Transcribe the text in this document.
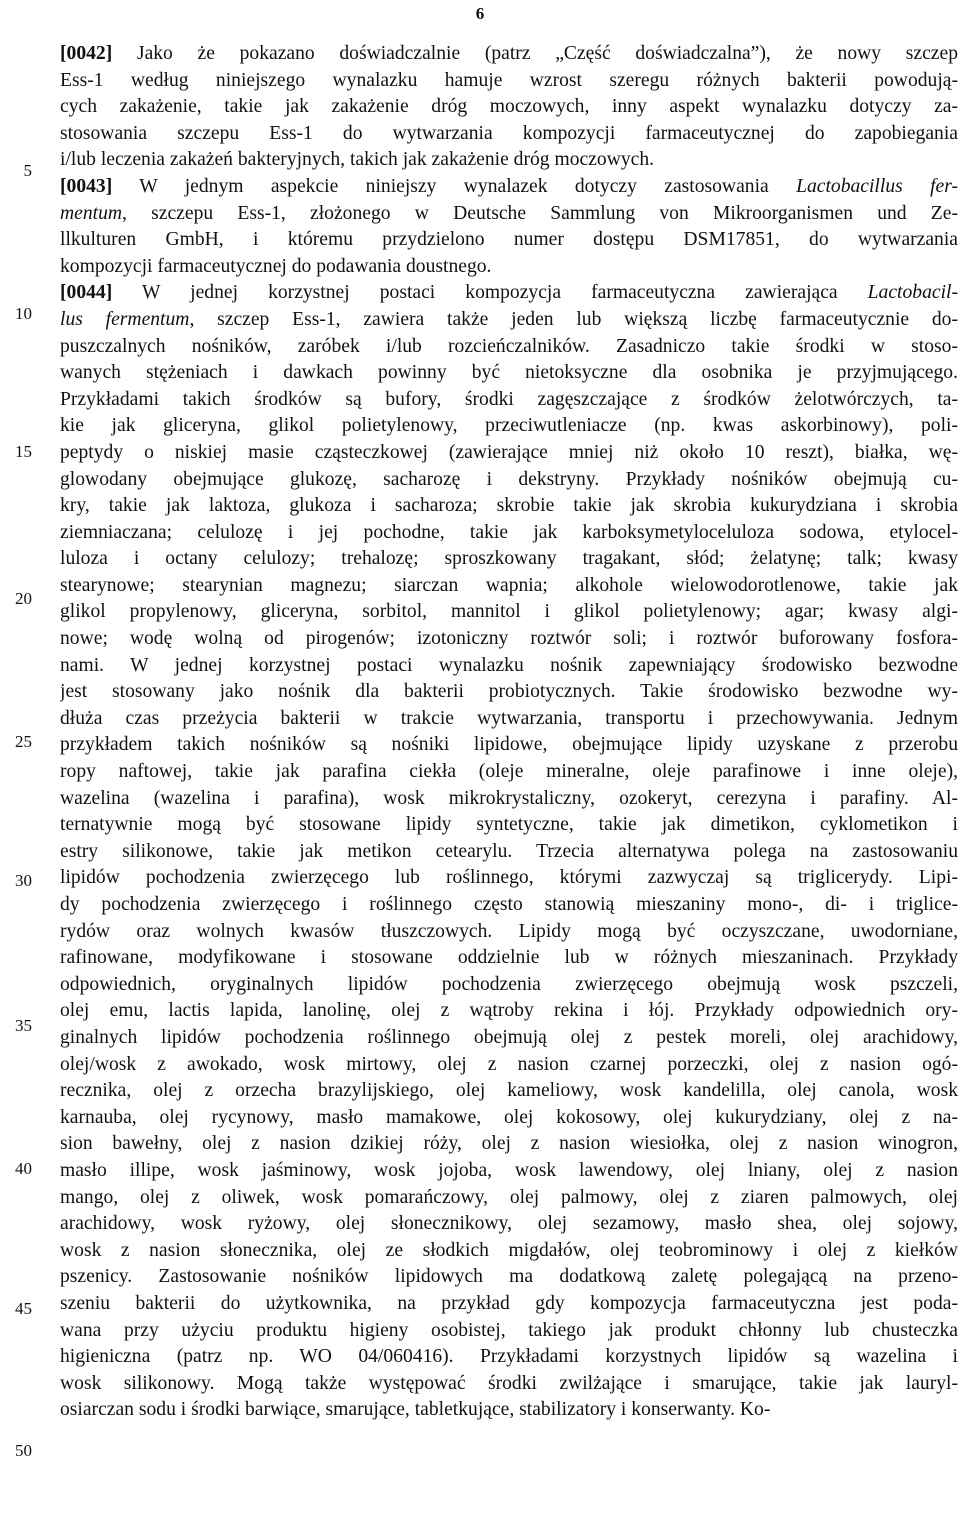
6
5
10
15
20
25
30
35
40
45
50
[0042] Jako że pokazano doświadczalnie (patrz „Część doświadczalna”), że nowy szczep
Ess-1 według niniejszego wynalazku hamuje wzrost szeregu różnych bakterii powodują-
cych zakażenie, takie jak zakażenie dróg moczowych, inny aspekt wynalazku dotyczy za-
stosowania szczepu Ess-1 do wytwarzania kompozycji farmaceutycznej do zapobiegania
i/lub leczenia zakażeń bakteryjnych, takich jak zakażenie dróg moczowych.
[0043] W jednym aspekcie niniejszy wynalazek dotyczy zastosowania Lactobacillus fer-
mentum, szczepu Ess-1, złożonego w Deutsche Sammlung von Mikroorganismen und Ze-
llkulturen GmbH, i któremu przydzielono numer dostępu DSM17851, do wytwarzania
kompozycji farmaceutycznej do podawania doustnego.
[0044] W jednej korzystnej postaci kompozycja farmaceutyczna zawierająca Lactobacil-
lus fermentum, szczep Ess-1, zawiera także jeden lub większą liczbę farmaceutycznie do-
puszczalnych nośników, zaróbek i/lub rozcieńczalników. Zasadniczo takie środki w stoso-
wanych stężeniach i dawkach powinny być nietoksyczne dla osobnika je przyjmującego.
Przykładami takich środków są bufory, środki zagęszczające z środków żelotwórczych, ta-
kie jak gliceryna, glikol polietylenowy, przeciwutleniacze (np. kwas askorbinowy), poli-
peptydy o niskiej masie cząsteczkowej (zawierające mniej niż około 10 reszt), białka, wę-
glowodany obejmujące glukozę, sacharozę i dekstryny. Przykłady nośników obejmują cu-
kry, takie jak laktoza, glukoza i sacharoza; skrobie takie jak skrobia kukurydziana i skrobia
ziemniaczana; celulozę i jej pochodne, takie jak karboksymetyloceluloza sodowa, etylocel-
luloza i octany celulozy; trehalozę; sproszkowany tragakant, słód; żelatynę; talk; kwasy
stearynowe; stearynian magnezu; siarczan wapnia; alkohole wielowodorotlenowe, takie jak
glikol propylenowy, gliceryna, sorbitol, mannitol i glikol polietylenowy; agar; kwasy algi-
nowe; wodę wolną od pirogenów; izotoniczny roztwór soli; i roztwór buforowany fosfora-
nami. W jednej korzystnej postaci wynalazku nośnik zapewniający środowisko bezwodne
jest stosowany jako nośnik dla bakterii probiotycznych. Takie środowisko bezwodne wy-
dłuża czas przeżycia bakterii w trakcie wytwarzania, transportu i przechowywania. Jednym
przykładem takich nośników są nośniki lipidowe, obejmujące lipidy uzyskane z przerobu
ropy naftowej, takie jak parafina ciekła (oleje mineralne, oleje parafinowe i inne oleje),
wazelina (wazelina i parafina), wosk mikrokrystaliczny, ozokeryt, cerezyna i parafiny. Al-
ternatywnie mogą być stosowane lipidy syntetyczne, takie jak dimetikon, cyklometikon i
estry silikonowe, takie jak metikon cetearylu. Trzecia alternatywa polega na zastosowaniu
lipidów pochodzenia zwierzęcego lub roślinnego, którymi zazwyczaj są triglicerydy. Lipi-
dy pochodzenia zwierzęcego i roślinnego często stanowią mieszaniny mono-, di- i triglice-
rydów oraz wolnych kwasów tłuszczowych. Lipidy mogą być oczyszczane, uwodorniane,
rafinowane, modyfikowane i stosowane oddzielnie lub w różnych mieszaninach. Przykłady
odpowiednich, oryginalnych lipidów pochodzenia zwierzęcego obejmują wosk pszczeli,
olej emu, lactis lapida, lanolinę, olej z wątroby rekina i łój. Przykłady odpowiednich ory-
ginalnych lipidów pochodzenia roślinnego obejmują olej z pestek moreli, olej arachidowy,
olej/wosk z awokado, wosk mirtowy, olej z nasion czarnej porzeczki, olej z nasion ogó-
recznika, olej z orzecha brazylijskiego, olej kameliowy, wosk kandelilla, olej canola, wosk
karnauba, olej rycynowy, masło mamakowe, olej kokosowy, olej kukurydziany, olej z na-
sion bawełny, olej z nasion dzikiej róży, olej z nasion wiesiołka, olej z nasion winogron,
masło illipe, wosk jaśminowy, wosk jojoba, wosk lawendowy, olej lniany, olej z nasion
mango, olej z oliwek, wosk pomarańczowy, olej palmowy, olej z ziaren palmowych, olej
arachidowy, wosk ryżowy, olej słonecznikowy, olej sezamowy, masło shea, olej sojowy,
wosk z nasion słonecznika, olej ze słodkich migdałów, olej teobrominowy i olej z kiełków
pszenicy. Zastosowanie nośników lipidowych ma dodatkową zaletę polegającą na przeno-
szeniu bakterii do użytkownika, na przykład gdy kompozycja farmaceutyczna jest poda-
wana przy użyciu produktu higieny osobistej, takiego jak produkt chłonny lub chusteczka
higieniczna (patrz np. WO 04/060416). Przykładami korzystnych lipidów są wazelina i
wosk silikonowy. Mogą także występować środki zwilżające i smarujące, takie jak lauryl-
osiarczan sodu i środki barwiące, smarujące, tabletkujące, stabilizatory i konserwanty. Ko-
